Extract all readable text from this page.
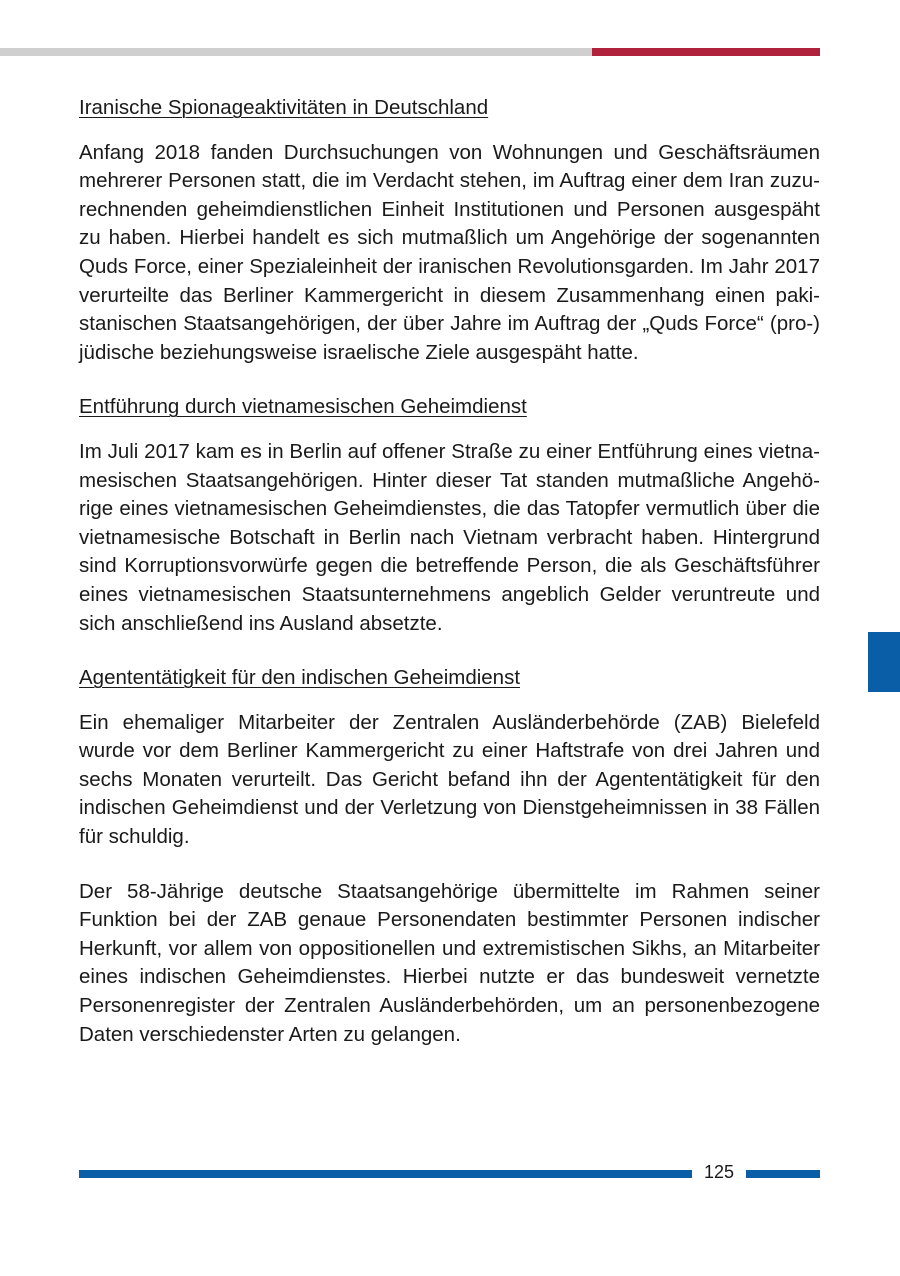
Iranische Spionageaktivitäten in Deutschland

Anfang 2018 fanden Durchsuchungen von Wohnungen und Geschäftsräumen mehrerer Personen statt, die im Verdacht stehen, im Auftrag einer dem Iran zuzurechnenden geheimdienstlichen Einheit Institutionen und Personen ausgespäht zu haben. Hierbei handelt es sich mutmaßlich um Angehörige der sogenannten Quds Force, einer Spezialeinheit der iranischen Revolutionsgarden. Im Jahr 2017 verurteilte das Berliner Kammergericht in diesem Zusammenhang einen pakistanischen Staatsangehörigen, der über Jahre im Auftrag der „Quds Force“ (pro-) jüdische beziehungsweise israelische Ziele ausgespäht hatte.

Entführung durch vietnamesischen Geheimdienst

Im Juli 2017 kam es in Berlin auf offener Straße zu einer Entführung eines vietnamesischen Staatsangehörigen. Hinter dieser Tat standen mutmaßliche Angehörige eines vietnamesischen Geheimdienstes, die das Tatopfer vermutlich über die vietnamesische Botschaft in Berlin nach Vietnam verbracht haben. Hintergrund sind Korruptionsvorwürfe gegen die betreffende Person, die als Geschäftsführer eines vietnamesischen Staatsunternehmens angeblich Gelder veruntreute und sich anschließend ins Ausland absetzte.

Agententätigkeit für den indischen Geheimdienst

Ein ehemaliger Mitarbeiter der Zentralen Ausländerbehörde (ZAB) Bielefeld wurde vor dem Berliner Kammergericht zu einer Haftstrafe von drei Jahren und sechs Monaten verurteilt. Das Gericht befand ihn der Agententätigkeit für den indischen Geheimdienst und der Verletzung von Dienstgeheimnissen in 38 Fällen für schuldig.

Der 58-Jährige deutsche Staatsangehörige übermittelte im Rahmen seiner Funktion bei der ZAB genaue Personendaten bestimmter Personen indischer Herkunft, vor allem von oppositionellen und extremistischen Sikhs, an Mitarbeiter eines indischen Geheimdienstes. Hierbei nutzte er das bundesweit vernetzte Personenregister der Zentralen Ausländerbehörden, um an personenbezogene Daten verschiedenster Arten zu gelangen.

125
